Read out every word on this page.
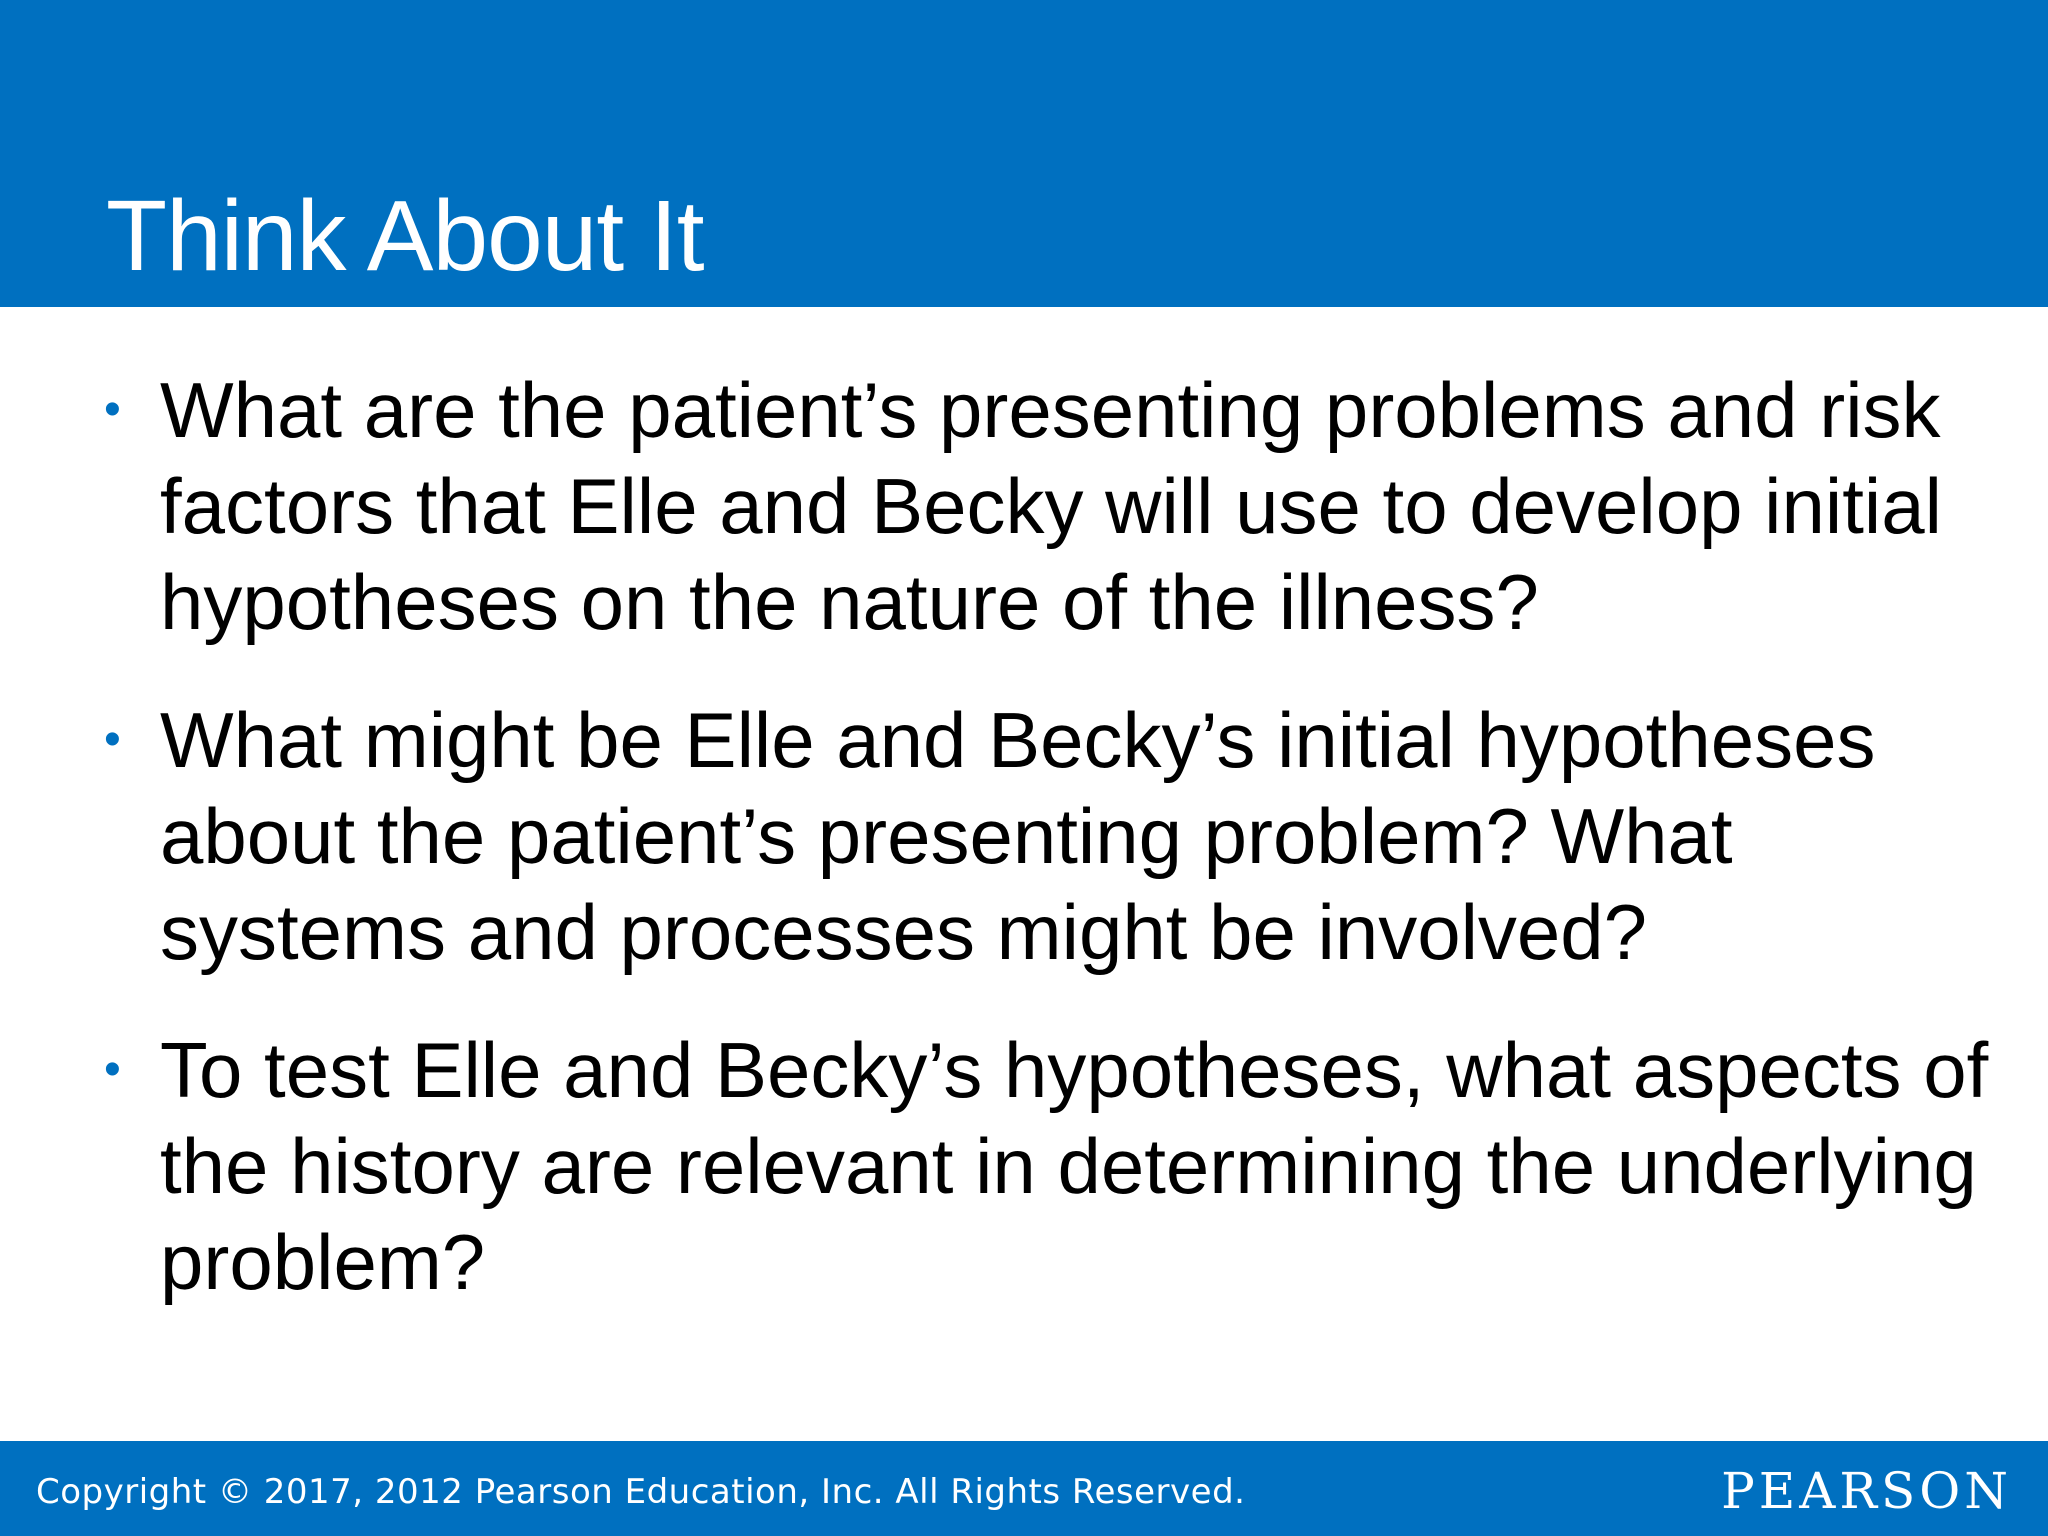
Think About It
• What are the patient’s presenting problems and risk factors that Elle and Becky will use to develop initial hypotheses on the nature of the illness?
• What might be Elle and Becky’s initial hypotheses about the patient’s presenting problem? What systems and processes might be involved?
• To test Elle and Becky’s hypotheses, what aspects of the history are relevant in determining the underlying problem?
Copyright © 2017, 2012 Pearson Education, Inc. All Rights Reserved.	PEARSON
